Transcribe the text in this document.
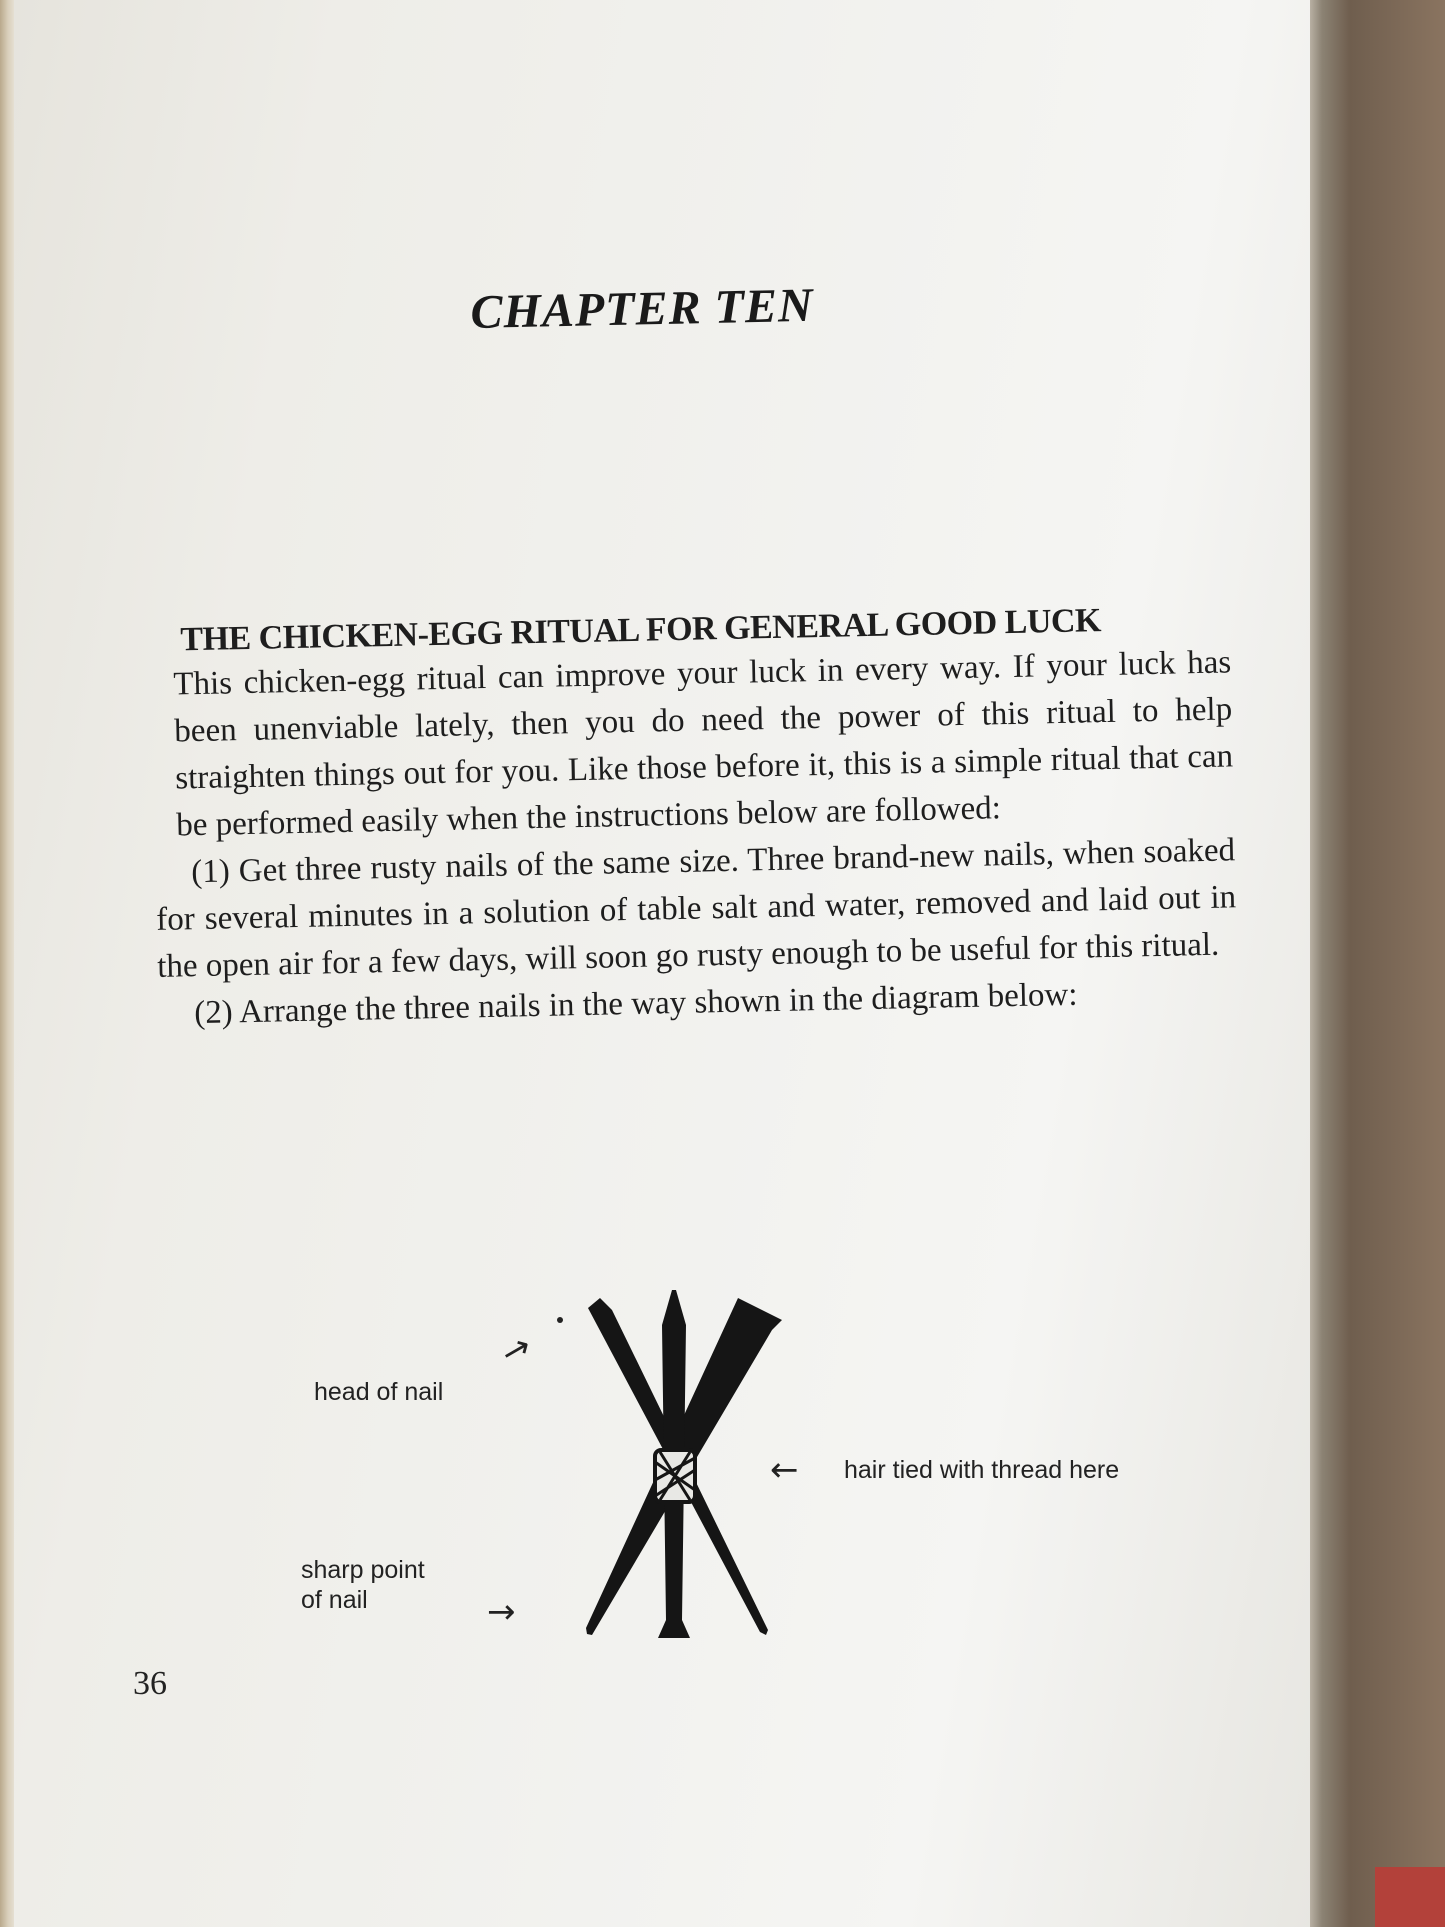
CHAPTER TEN
THE CHICKEN-EGG RITUAL FOR GENERAL GOOD LUCK

This chicken-egg ritual can improve your luck in every way. If your luck has been unenviable lately, then you do need the power of this ritual to help straighten things out for you. Like those before it, this is a simple ritual that can be performed easily when the instructions below are followed:

(1) Get three rusty nails of the same size. Three brand-new nails, when soaked for several minutes in a solution of table salt and water, removed and laid out in the open air for a few days, will soon go rusty enough to be useful for this ritual.

(2) Arrange the three nails in the way shown in the diagram below:

head of nail
→
hair tied with thread here
←
sharp point of nail	→
36
